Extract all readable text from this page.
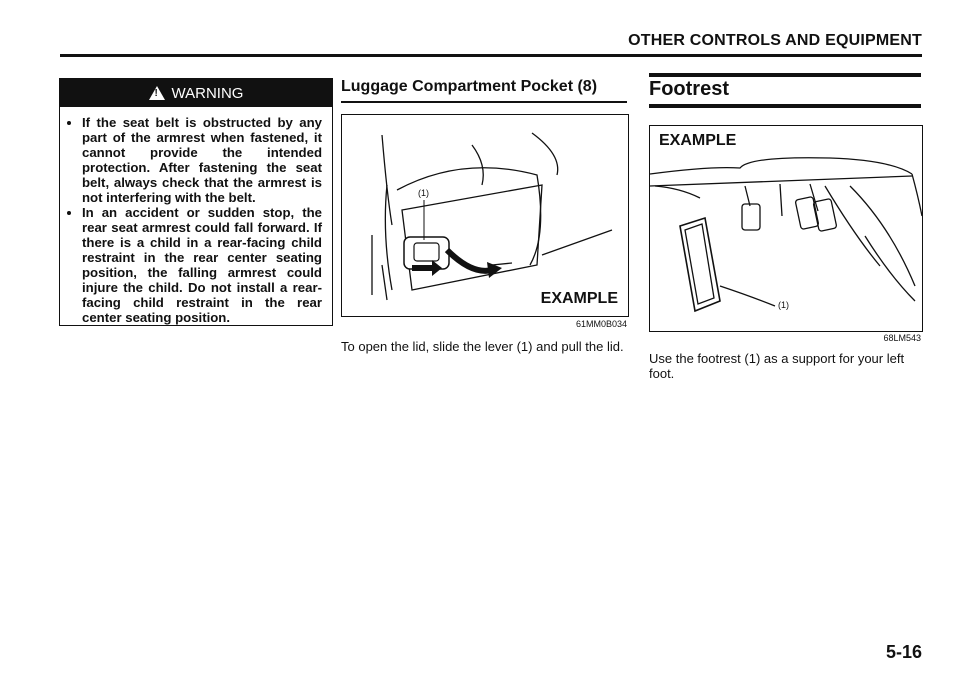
OTHER CONTROLS AND EQUIPMENT
!
WARNING
• If the seat belt is obstructed by any part of the armrest when fastened, it cannot provide the intended protection. After fastening the seat belt, always check that the armrest is not interfering with the belt.
• In an accident or sudden stop, the rear seat armrest could fall forward. If there is a child in a rear-facing child restraint in the rear center seating position, the falling armrest could injure the child. Do not install a rear-facing child restraint in the rear center seating position.
Luggage Compartment Pocket (8)
(1)
EXAMPLE
61MM0B034
To open the lid, slide the lever (1) and pull the lid.
Footrest
EXAMPLE
(1)
68LM543
Use the footrest (1) as a support for your left foot.
5-16
